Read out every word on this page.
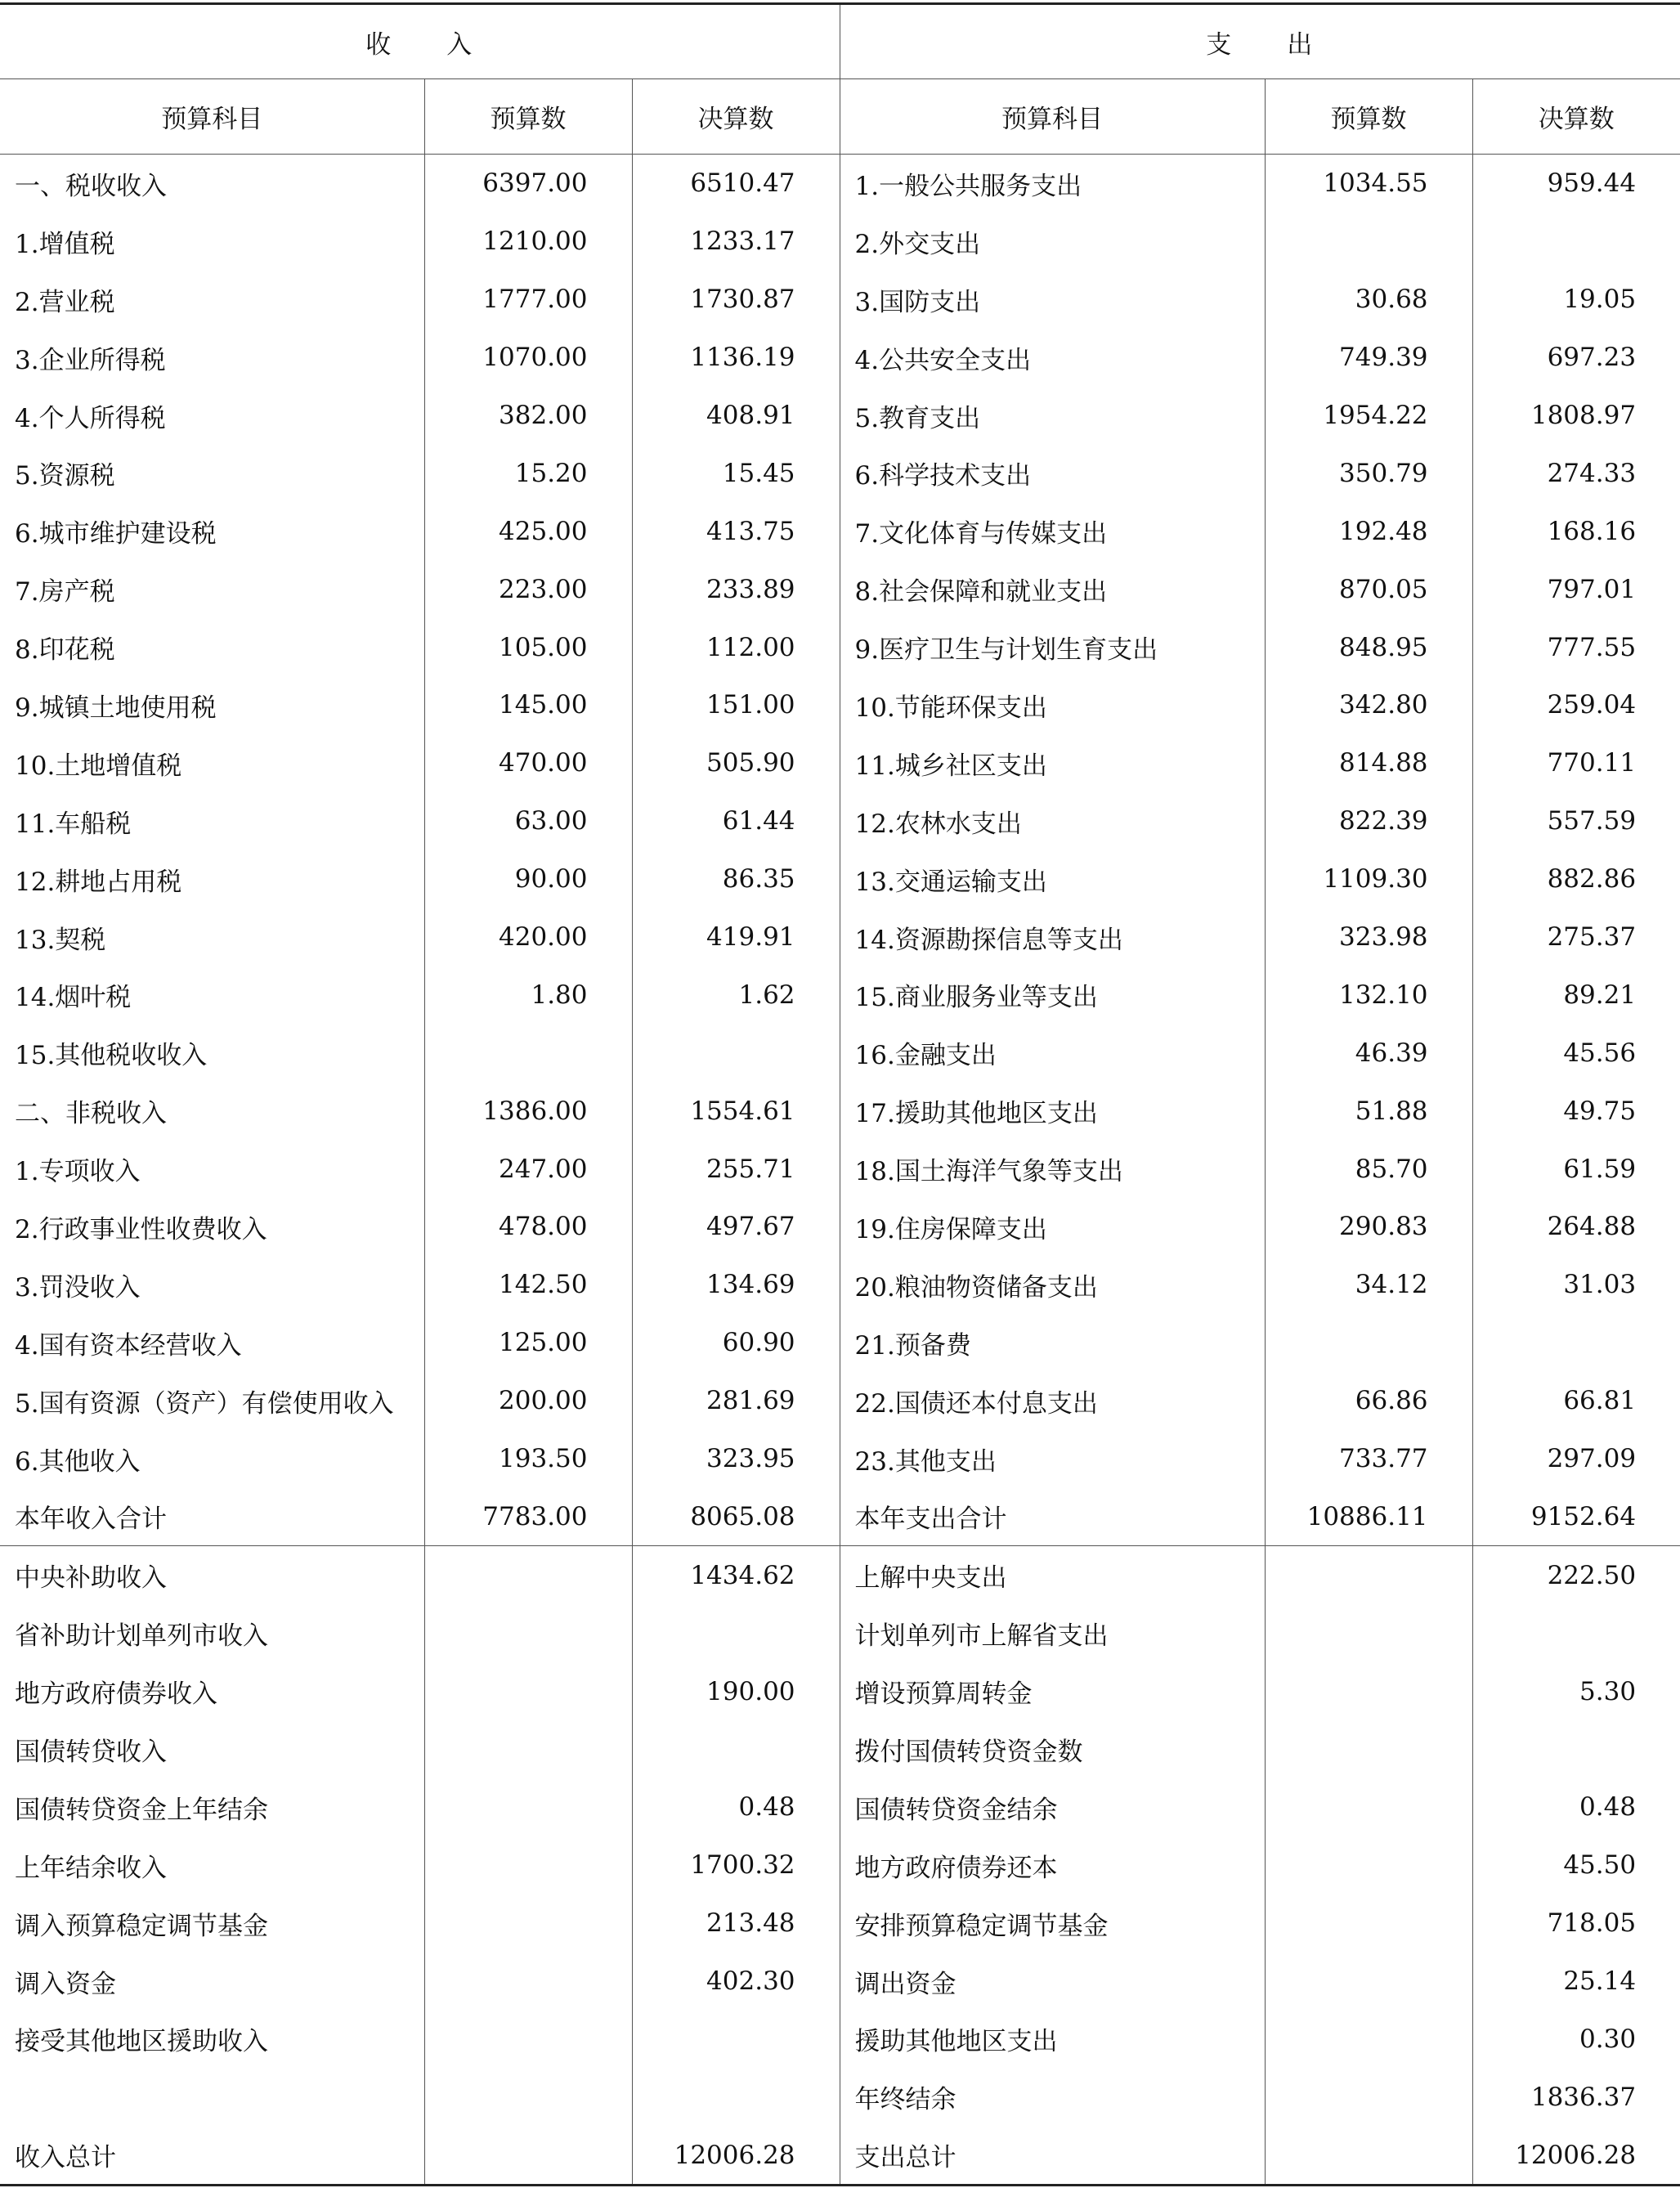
收　　入			支　　出		
预算科目	预算数	决算数	预算科目	预算数	决算数
一、税收收入	6397.00	6510.47	1.一般公共服务支出	1034.55	959.44
1.增值税	1210.00	1233.17	2.外交支出		
2.营业税	1777.00	1730.87	3.国防支出	30.68	19.05
3.企业所得税	1070.00	1136.19	4.公共安全支出	749.39	697.23
4.个人所得税	382.00	408.91	5.教育支出	1954.22	1808.97
5.资源税	15.20	15.45	6.科学技术支出	350.79	274.33
6.城市维护建设税	425.00	413.75	7.文化体育与传媒支出	192.48	168.16
7.房产税	223.00	233.89	8.社会保障和就业支出	870.05	797.01
8.印花税	105.00	112.00	9.医疗卫生与计划生育支出	848.95	777.55
9.城镇土地使用税	145.00	151.00	10.节能环保支出	342.80	259.04
10.土地增值税	470.00	505.90	11.城乡社区支出	814.88	770.11
11.车船税	63.00	61.44	12.农林水支出	822.39	557.59
12.耕地占用税	90.00	86.35	13.交通运输支出	1109.30	882.86
13.契税	420.00	419.91	14.资源勘探信息等支出	323.98	275.37
14.烟叶税	1.80	1.62	15.商业服务业等支出	132.10	89.21
15.其他税收收入			16.金融支出	46.39	45.56
二、非税收入	1386.00	1554.61	17.援助其他地区支出	51.88	49.75
1.专项收入	247.00	255.71	18.国土海洋气象等支出	85.70	61.59
2.行政事业性收费收入	478.00	497.67	19.住房保障支出	290.83	264.88
3.罚没收入	142.50	134.69	20.粮油物资储备支出	34.12	31.03
4.国有资本经营收入	125.00	60.90	21.预备费		
5.国有资源（资产）有偿使用收入	200.00	281.69	22.国债还本付息支出	66.86	66.81
6.其他收入	193.50	323.95	23.其他支出	733.77	297.09
本年收入合计	7783.00	8065.08	本年支出合计	10886.11	9152.64
中央补助收入		1434.62	上解中央支出		222.50
省补助计划单列市收入			计划单列市上解省支出		
地方政府债券收入		190.00	增设预算周转金		5.30
国债转贷收入			拨付国债转贷资金数		
国债转贷资金上年结余		0.48	国债转贷资金结余		0.48
上年结余收入		1700.32	地方政府债券还本		45.50
调入预算稳定调节基金		213.48	安排预算稳定调节基金		718.05
调入资金		402.30	调出资金		25.14
接受其他地区援助收入			援助其他地区支出		0.30
			年终结余		1836.37
收入总计		12006.28	支出总计		12006.28
